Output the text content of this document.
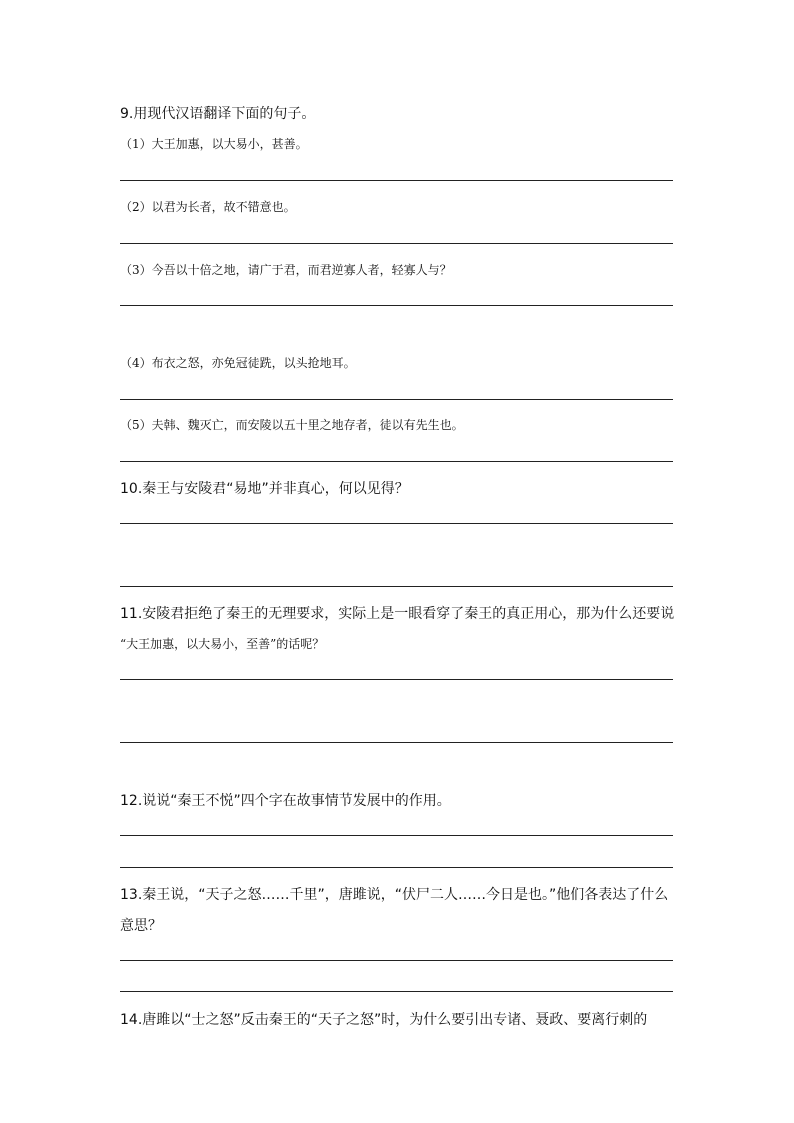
9.用现代汉语翻译下面的句子。
（1）大王加惠，以大易小，甚善。
（2）以君为长者，故不错意也。
（3）今吾以十倍之地，请广于君，而君逆寡人者，轻寡人与？
（4）布衣之怒，亦免冠徒跣，以头抢地耳。
（5）夫韩、魏灭亡，而安陵以五十里之地存者，徒以有先生也。
10.秦王与安陵君“易地”并非真心，何以见得？
11.安陵君拒绝了秦王的无理要求，实际上是一眼看穿了秦王的真正用心，那为什么还要说
“大王加惠，以大易小，至善”的话呢？
12.说说“秦王不悦”四个字在故事情节发展中的作用。
13.秦王说，“天子之怒……千里”，唐雎说，“伏尸二人……今日是也。”他们各表达了什么
意思？
14.唐雎以“士之怒”反击秦王的“天子之怒”时，为什么要引出专诸、聂政、要离行刺的
